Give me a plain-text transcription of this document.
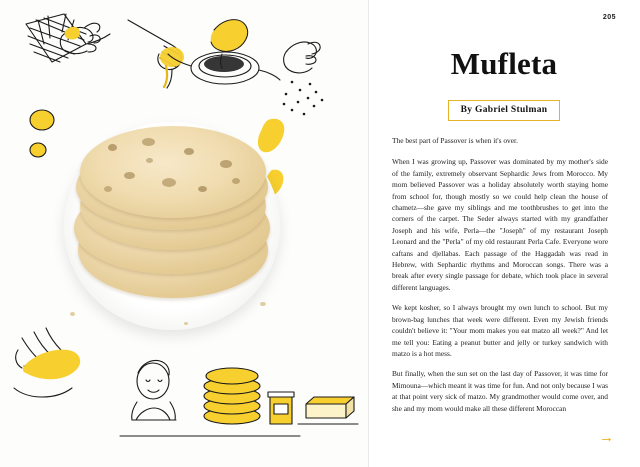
205
Mufleta
By Gabriel Stulman

The best part of Passover is when it's over.

When I was growing up, Passover was dominated by my mother's side of the family, extremely observant Sephardic Jews from Morocco. My mom believed Passover was a holiday absolutely worth staying home from school for, though mostly so we could help clean the house of chametz—she gave my siblings and me toothbrushes to get into the corners of the carpet. The Seder always started with my grandfather Joseph and his wife, Perla—the "Joseph" of my restaurant Joseph Leonard and the "Perla" of my old restaurant Perla Cafe. Everyone wore caftans and djellabas. Each passage of the Haggadah was read in Hebrew, with Sephardic rhythms and Moroccan songs. There was a break after every single passage for debate, which took place in several different languages.

We kept kosher, so I always brought my own lunch to school. But my brown-bag lunches that week were different. Even my Jewish friends couldn't believe it: "Your mom makes you eat matzo all week?" And let me tell you: Eating a peanut butter and jelly or turkey sandwich with matzo is a hot mess.

But finally, when the sun set on the last day of Passover, it was time for Mimouna—which meant it was time for fun. And not only because I was at that point very sick of matzo. My grandmother would come over, and she and my mom would make all these different Moroccan

→
